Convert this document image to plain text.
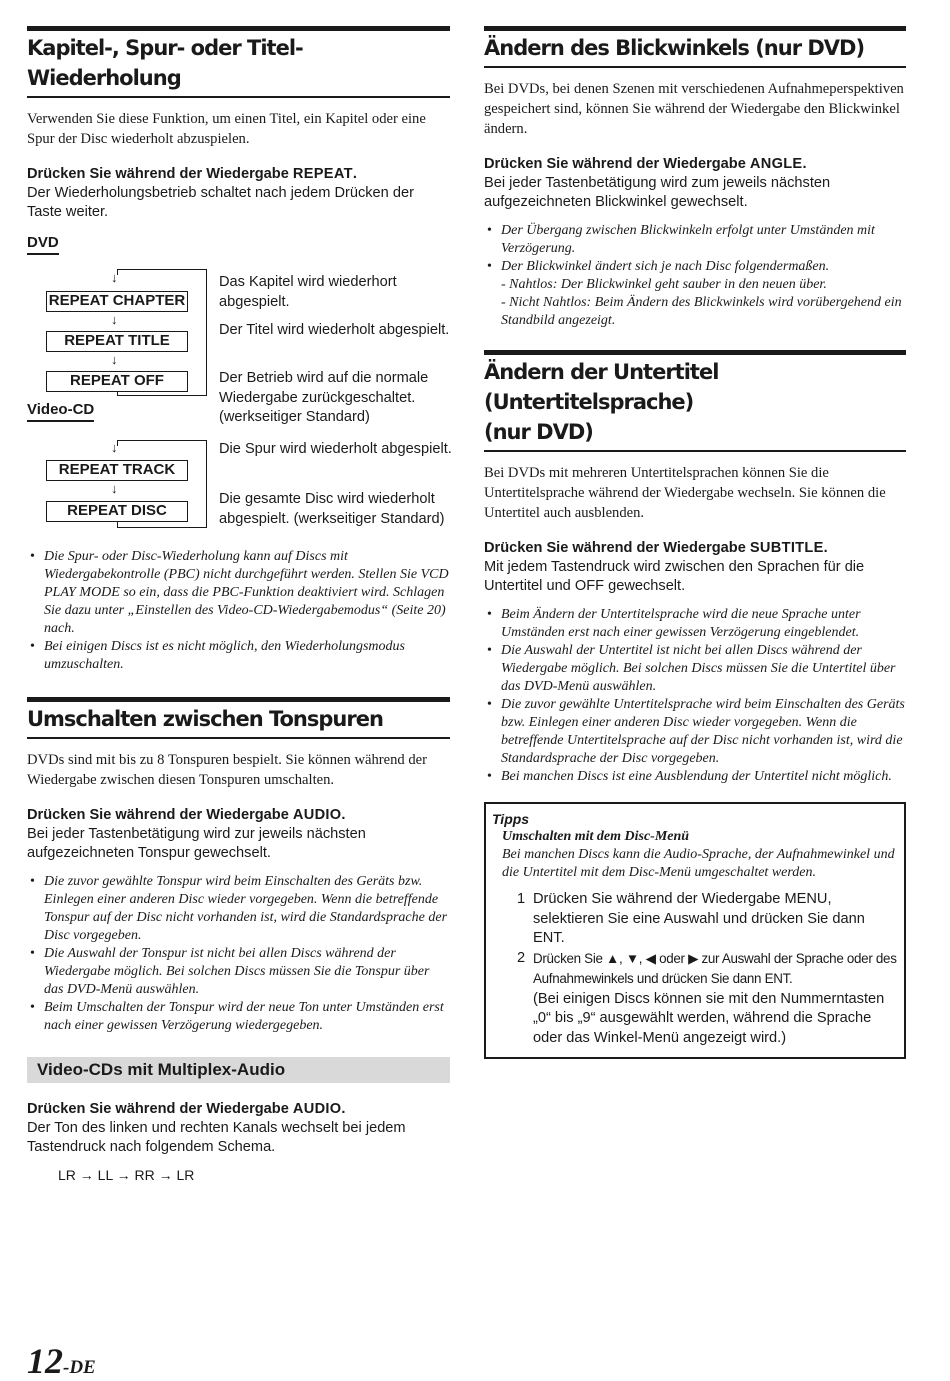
Kapitel-, Spur- oder Titel-Wiederholung

Verwenden Sie diese Funktion, um einen Titel, ein Kapitel oder eine Spur der Disc wiederholt abzuspielen.

Drücken Sie während der Wiedergabe REPEAT.

Der Wiederholungsbetrieb schaltet nach jedem Drücken der Taste weiter.

DVD
↓
REPEAT CHAPTER
↓
REPEAT TITLE
↓
REPEAT OFF

Das Kapitel wird wiederhort abgespielt.

Der Titel wird wiederholt abgespielt.

Der Betrieb wird auf die normale Wiedergabe zurückgeschaltet. (werkseitiger Standard)

Video-CD
↓
REPEAT TRACK
↓
REPEAT DISC

Die Spur wird wiederholt abgespielt.

Die gesamte Disc wird wiederholt abgespielt. (werkseitiger Standard)

• Die Spur- oder Disc-Wiederholung kann auf Discs mit Wiedergabekontrolle (PBC) nicht durchgeführt werden. Stellen Sie VCD PLAY MODE so ein, dass die PBC-Funktion deaktiviert wird. Schlagen Sie dazu unter „Einstellen des Video-CD-Wiedergabemodus“ (Seite 20) nach.
• Bei einigen Discs ist es nicht möglich, den Wiederholungsmodus umzuschalten.
Umschalten zwischen Tonspuren

DVDs sind mit bis zu 8 Tonspuren bespielt. Sie können während der Wiedergabe zwischen diesen Tonspuren umschalten.

Drücken Sie während der Wiedergabe AUDIO.

Bei jeder Tastenbetätigung wird zur jeweils nächsten aufgezeichneten Tonspur gewechselt.

• Die zuvor gewählte Tonspur wird beim Einschalten des Geräts bzw. Einlegen einer anderen Disc wieder vorgegeben. Wenn die betreffende Tonspur auf der Disc nicht vorhanden ist, wird die Standardsprache der Disc vorgegeben.
• Die Auswahl der Tonspur ist nicht bei allen Discs während der Wiedergabe möglich. Bei solchen Discs müssen Sie die Tonspur über das DVD-Menü auswählen.
• Beim Umschalten der Tonspur wird der neue Ton unter Umständen erst nach einer gewissen Verzögerung wiedergegeben.
Video-CDs mit Multiplex-Audio

Drücken Sie während der Wiedergabe AUDIO.

Der Ton des linken und rechten Kanals wechselt bei jedem Tastendruck nach folgendem Schema.

LR → LL → RR → LR

Ändern des Blickwinkels (nur DVD)

Bei DVDs, bei denen Szenen mit verschiedenen Aufnahmeperspektiven gespeichert sind, können Sie während der Wiedergabe den Blickwinkel ändern.

Drücken Sie während der Wiedergabe ANGLE.

Bei jeder Tastenbetätigung wird zum jeweils nächsten aufgezeichneten Blickwinkel gewechselt.

• Der Übergang zwischen Blickwinkeln erfolgt unter Umständen mit Verzögerung.
• Der Blickwinkel ändert sich je nach Disc folgendermaßen.
- Nahtlos: Der Blickwinkel geht sauber in den neuen über.
- Nicht Nahtlos: Beim Ändern des Blickwinkels wird vorübergehend ein Standbild angezeigt.
Ändern der Untertitel (Untertitelsprache)
(nur DVD)

Bei DVDs mit mehreren Untertitelsprachen können Sie die Untertitelsprache während der Wiedergabe wechseln. Sie können die Untertitel auch ausblenden.

Drücken Sie während der Wiedergabe SUBTITLE.

Mit jedem Tastendruck wird zwischen den Sprachen für die Untertitel und OFF gewechselt.

• Beim Ändern der Untertitelsprache wird die neue Sprache unter Umständen erst nach einer gewissen Verzögerung eingeblendet.
• Die Auswahl der Untertitel ist nicht bei allen Discs während der Wiedergabe möglich. Bei solchen Discs müssen Sie die Untertitel über das DVD-Menü auswählen.
• Die zuvor gewählte Untertitelsprache wird beim Einschalten des Geräts bzw. Einlegen einer anderen Disc wieder vorgegeben. Wenn die betreffende Untertitelsprache auf der Disc nicht vorhanden ist, wird die Standardsprache der Disc vorgegeben.
• Bei manchen Discs ist eine Ausblendung der Untertitel nicht möglich.

Tipps

Umschalten mit dem Disc-Menü

Bei manchen Discs kann die Audio-Sprache, der Aufnahmewinkel und die Untertitel mit dem Disc-Menü umgeschaltet werden.

1 Drücken Sie während der Wiedergabe MENU, selektieren Sie eine Auswahl und drücken Sie dann ENT.
2 Drücken Sie ▲, ▼, ◀ oder ▶ zur Auswahl der Sprache oder des Aufnahmewinkels und drücken Sie dann ENT.
(Bei einigen Discs können sie mit den Nummerntasten „0“ bis „9“ ausgewählt werden, während die Sprache oder das Winkel-Menü angezeigt wird.)
12-DE
